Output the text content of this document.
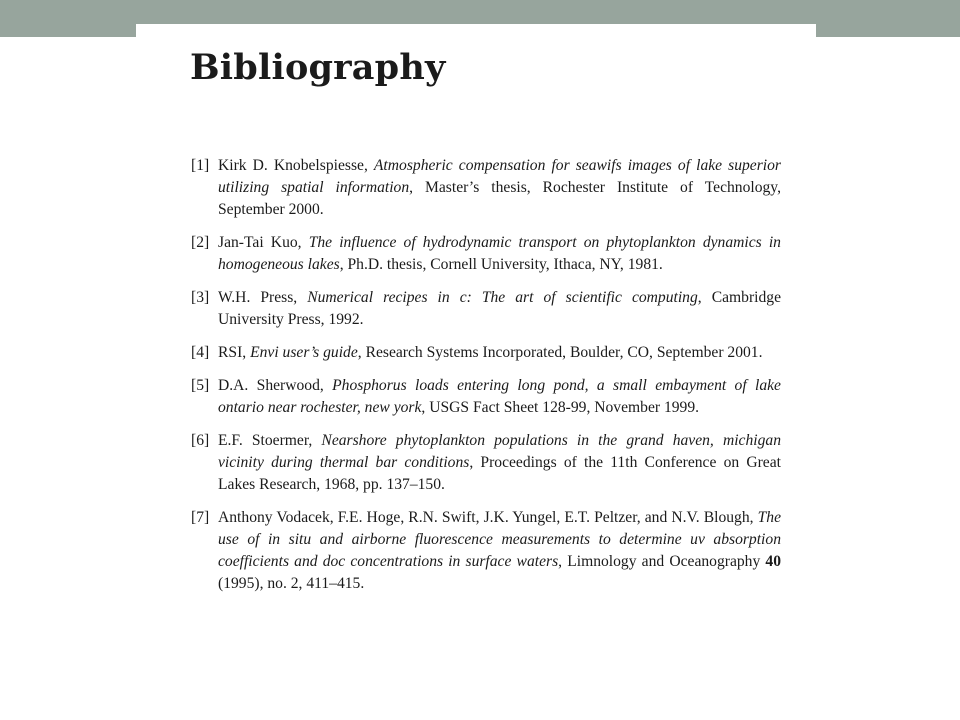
Bibliography
[1] Kirk D. Knobelspiesse, Atmospheric compensation for seawifs images of lake superior utilizing spatial information, Master’s thesis, Rochester Institute of Technology, September 2000.
[2] Jan-Tai Kuo, The influence of hydrodynamic transport on phytoplankton dynamics in homogeneous lakes, Ph.D. thesis, Cornell University, Ithaca, NY, 1981.
[3] W.H. Press, Numerical recipes in c: The art of scientific computing, Cambridge University Press, 1992.
[4] RSI, Envi user’s guide, Research Systems Incorporated, Boulder, CO, September 2001.
[5] D.A. Sherwood, Phosphorus loads entering long pond, a small embayment of lake ontario near rochester, new york, USGS Fact Sheet 128-99, November 1999.
[6] E.F. Stoermer, Nearshore phytoplankton populations in the grand haven, michigan vicinity during thermal bar conditions, Proceedings of the 11th Conference on Great Lakes Research, 1968, pp. 137–150.
[7] Anthony Vodacek, F.E. Hoge, R.N. Swift, J.K. Yungel, E.T. Peltzer, and N.V. Blough, The use of in situ and airborne fluorescence measurements to determine uv absorption coefficients and doc concentrations in surface waters, Limnology and Oceanography 40 (1995), no. 2, 411–415.
